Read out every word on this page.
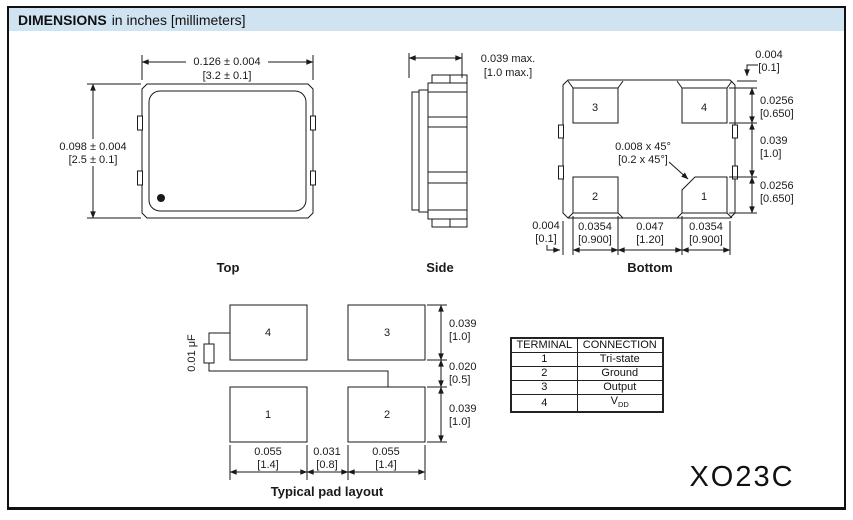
DIMENSIONS in inches [millimeters]
0.126 ± 0.004
[3.2 ± 0.1]
0.098 ± 0.004
[2.5 ± 0.1]
Top
0.039 max.
[1.0 max.]
Side
3	4
2	1
0.008 x 45°
[0.2 x 45°]
0.004
[0.1]
0.0256
[0.650]
0.039
[1.0]
0.0256
[0.650]
0.004
[0.1]
0.0354
[0.900]
0.047
[1.20]
0.0354
[0.900]
Bottom
4	3
1	2
0.01 μF
0.039
[1.0]
0.020
[0.5]
0.039
[1.0]
0.055
[1.4]
0.031
[0.8]
0.055
[1.4]
Typical pad layout
TERMINAL	CONNECTION
1	Tri-state
2	Ground
3	Output
4	$V_{DD}$
XO23C
